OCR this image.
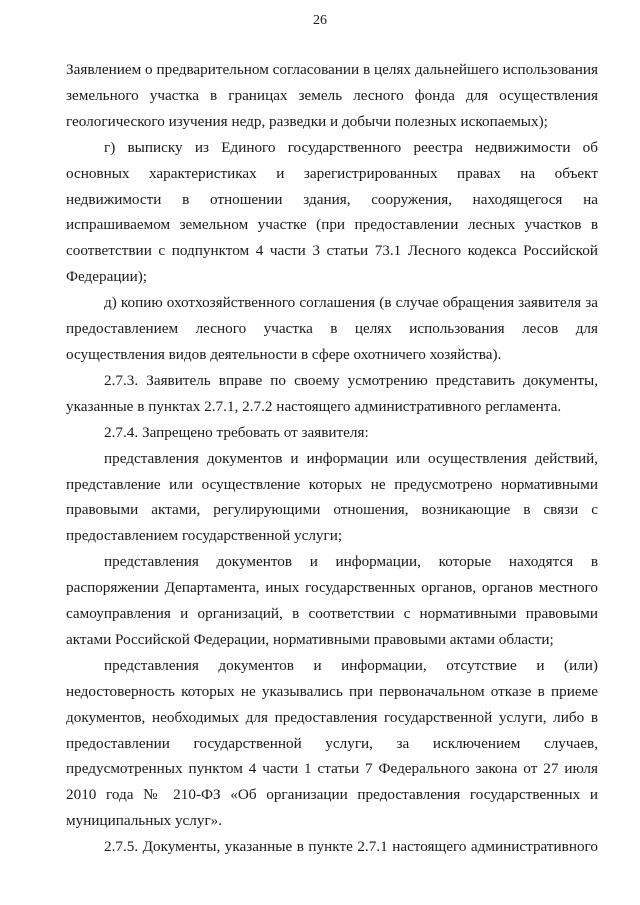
26

Заявлением о предварительном согласовании в целях дальнейшего использования земельного участка в границах земель лесного фонда для осуществления геологического изучения недр, разведки и добычи полезных ископаемых);

г) выписку из Единого государственного реестра недвижимости об основных характеристиках и зарегистрированных правах на объект недвижимости в отношении здания, сооружения, находящегося на испрашиваемом земельном участке (при предоставлении лесных участков в соответствии с подпунктом 4 части 3 статьи 73.1 Лесного кодекса Российской Федерации);

д) копию охотхозяйственного соглашения (в случае обращения заявителя за предоставлением лесного участка в целях использования лесов для осуществления видов деятельности в сфере охотничего хозяйства).

2.7.3. Заявитель вправе по своему усмотрению представить документы, указанные в пунктах 2.7.1, 2.7.2 настоящего административного регламента.

2.7.4. Запрещено требовать от заявителя:

представления документов и информации или осуществления действий, представление или осуществление которых не предусмотрено нормативными правовыми актами, регулирующими отношения, возникающие в связи с предоставлением государственной услуги;

представления документов и информации, которые находятся в распоряжении Департамента, иных государственных органов, органов местного самоуправления и организаций, в соответствии с нормативными правовыми актами Российской Федерации, нормативными правовыми актами области;

представления документов и информации, отсутствие и (или) недостоверность которых не указывались при первоначальном отказе в приеме документов, необходимых для предоставления государственной услуги, либо в предоставлении государственной услуги, за исключением случаев, предусмотренных пунктом 4 части 1 статьи 7 Федерального закона от 27 июля 2010 года № 210-ФЗ «Об организации предоставления государственных и муниципальных услуг».

2.7.5. Документы, указанные в пункте 2.7.1 настоящего административного
